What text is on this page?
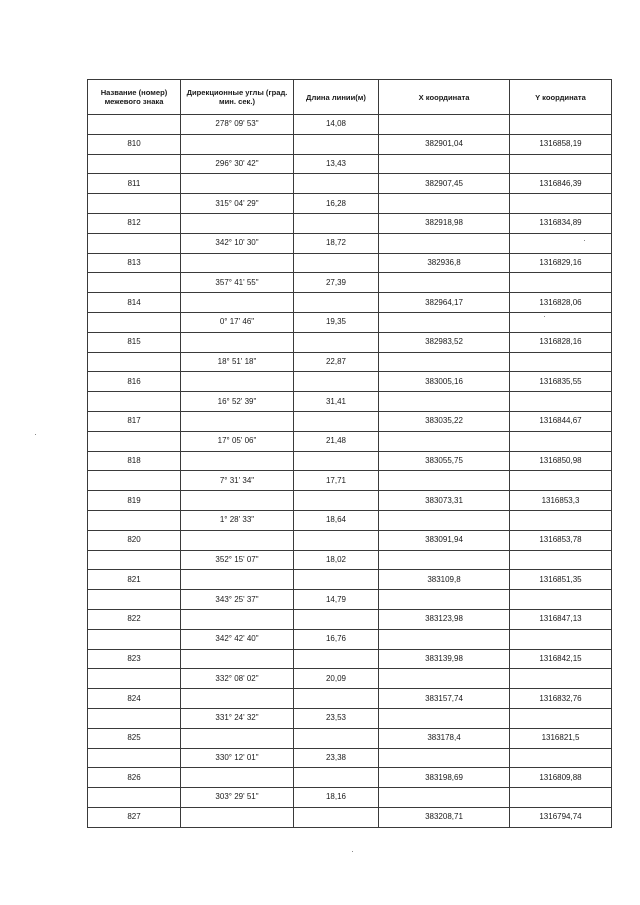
Название (номер) межевого знака	Дирекционные углы (град. мин. сек.)	Длина линии(м)	X координата	Y координата
	278° 09' 53"	14,08		
810			382901,04	1316858,19
	296° 30' 42"	13,43		
811			382907,45	1316846,39
	315° 04' 29"	16,28		
812			382918,98	1316834,89
	342° 10' 30"	18,72		
813			382936,8	1316829,16
	357° 41' 55"	27,39		
814			382964,17	1316828,06
	0° 17' 46"	19,35		
815			382983,52	1316828,16
	18° 51' 18"	22,87		
816			383005,16	1316835,55
	16° 52' 39"	31,41		
817			383035,22	1316844,67
	17° 05' 06"	21,48		
818			383055,75	1316850,98
	7° 31' 34"	17,71		
819			383073,31	1316853,3
	1° 28' 33"	18,64		
820			383091,94	1316853,78
	352° 15' 07"	18,02		
821			383109,8	1316851,35
	343° 25' 37"	14,79		
822			383123,98	1316847,13
	342° 42' 40"	16,76		
823			383139,98	1316842,15
	332° 08' 02"	20,09		
824			383157,74	1316832,76
	331° 24' 32"	23,53		
825			383178,4	1316821,5
	330° 12' 01"	23,38		
826			383198,69	1316809,88
	303° 29' 51"	18,16		
827			383208,71	1316794,74
